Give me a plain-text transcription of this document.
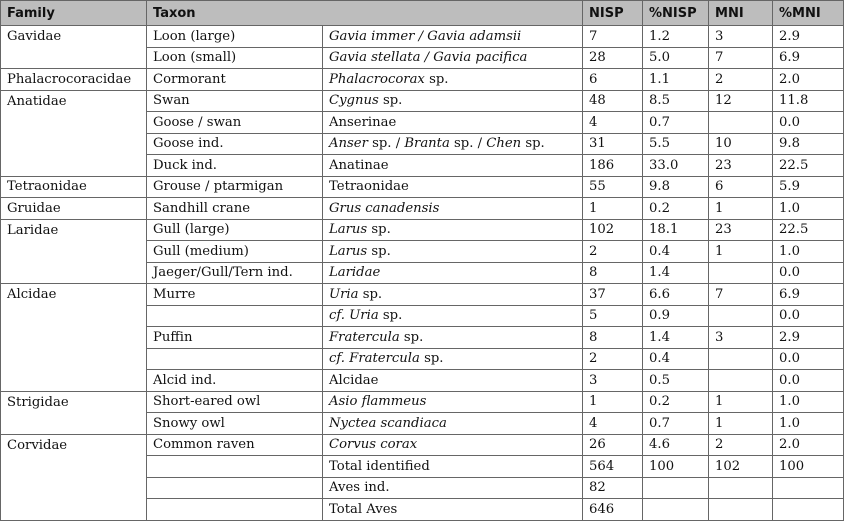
Family	Taxon		NISP	%NISP	MNI	%MNI
Gavidae	Loon (large)	Gavia immer / Gavia adamsii	7	1.2	3	2.9
	Loon (small)	Gavia stellata / Gavia pacifica	28	5.0	7	6.9
Phalacrocoracidae	Cormorant	Phalacrocorax sp.	6	1.1	2	2.0
Anatidae	Swan	Cygnus sp.	48	8.5	12	11.8
	Goose / swan	Anserinae	4	0.7		0.0
	Goose ind.	Anser sp. / Branta sp. / Chen sp.	31	5.5	10	9.8
	Duck ind.	Anatinae	186	33.0	23	22.5
Tetraonidae	Grouse / ptarmigan	Tetraonidae	55	9.8	6	5.9
Gruidae	Sandhill crane	Grus canadensis	1	0.2	1	1.0
Laridae	Gull (large)	Larus sp.	102	18.1	23	22.5
	Gull (medium)	Larus sp.	2	0.4	1	1.0
	Jaeger/Gull/Tern ind.	Laridae	8	1.4		0.0
Alcidae	Murre	Uria sp.	37	6.6	7	6.9
		cf. Uria sp.	5	0.9		0.0
	Puffin	Fratercula sp.	8	1.4	3	2.9
		cf. Fratercula sp.	2	0.4		0.0
	Alcid ind.	Alcidae	3	0.5		0.0
Strigidae	Short-eared owl	Asio flammeus	1	0.2	1	1.0
	Snowy owl	Nyctea scandiaca	4	0.7	1	1.0
Corvidae	Common raven	Corvus corax	26	4.6	2	2.0
		Total identified	564	100	102	100
		Aves ind.	82			
		Total Aves	646			
